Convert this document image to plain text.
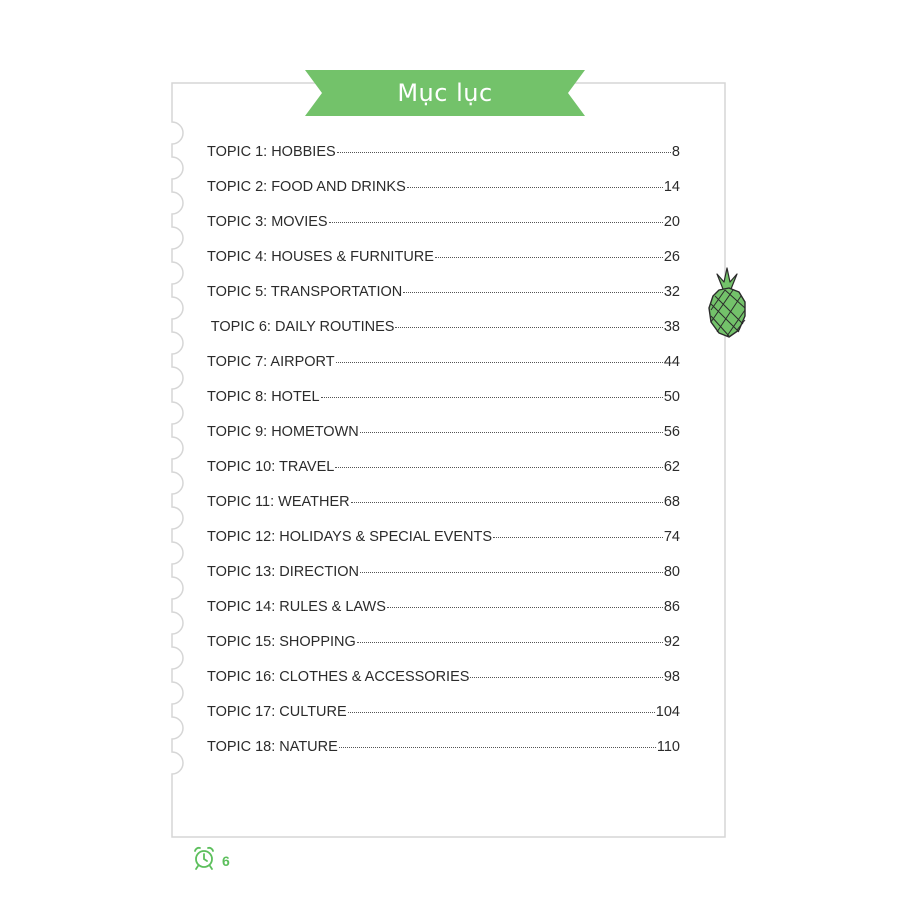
Mục lục
TOPIC 1: HOBBIES	8
TOPIC 2: FOOD AND DRINKS	14
TOPIC 3: MOVIES	20
TOPIC 4: HOUSES & FURNITURE	26
TOPIC 5: TRANSPORTATION	32
TOPIC 6: DAILY ROUTINES	38
TOPIC 7: AIRPORT	44
TOPIC 8: HOTEL	50
TOPIC 9: HOMETOWN	56
TOPIC 10: TRAVEL	62
TOPIC 11: WEATHER	68
TOPIC 12: HOLIDAYS & SPECIAL EVENTS	74
TOPIC 13: DIRECTION	80
TOPIC 14: RULES & LAWS	86
TOPIC 15: SHOPPING	92
TOPIC 16: CLOTHES & ACCESSORIES	98
TOPIC 17: CULTURE	104
TOPIC 18: NATURE	110
6
